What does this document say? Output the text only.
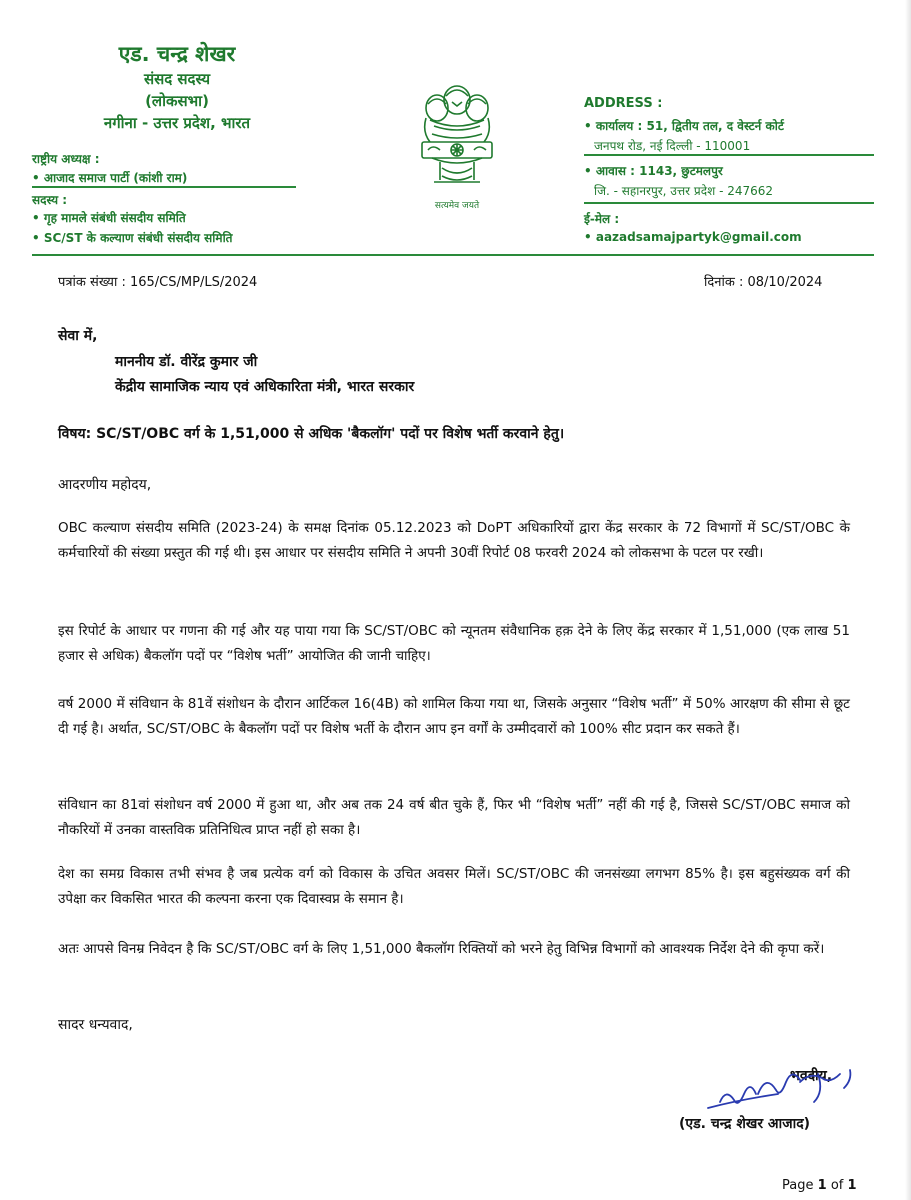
एड. चन्द्र शेखर
संसद सदस्य
(लोकसभा)
नगीना - उत्तर प्रदेश, भारत
राष्ट्रीय अध्यक्ष :
• आजाद समाज पार्टी (कांशी राम)
सदस्य :
• गृह मामले संबंधी संसदीय समिति
• SC/ST के कल्याण संबंधी संसदीय समिति
सत्यमेव जयते
ADDRESS :
• कार्यालय : 51, द्वितीय तल, द वेस्टर्न कोर्ट
जनपथ रोड, नई दिल्ली - 110001
• आवास : 1143, छुटमलपुर
जि. - सहानरपुर, उत्तर प्रदेश - 247662
ई-मेल :
• aazadsamajpartyk@gmail.com
पत्रांक संख्या : 165/CS/MP/LS/2024	दिनांक : 08/10/2024
सेवा में,
माननीय डॉ. वीरेंद्र कुमार जी
केंद्रीय सामाजिक न्याय एवं अधिकारिता मंत्री, भारत सरकार
विषय: SC/ST/OBC वर्ग के 1,51,000 से अधिक 'बैकलॉग' पदों पर विशेष भर्ती करवाने हेतु।
आदरणीय महोदय,
OBC कल्याण संसदीय समिति (2023-24) के समक्ष दिनांक 05.12.2023 को DoPT अधिकारियों द्वारा केंद्र सरकार के 72 विभागों में SC/ST/OBC के कर्मचारियों की संख्या प्रस्तुत की गई थी। इस आधार पर संसदीय समिति ने अपनी 30वीं रिपोर्ट 08 फरवरी 2024 को लोकसभा के पटल पर रखी।
इस रिपोर्ट के आधार पर गणना की गई और यह पाया गया कि SC/ST/OBC को न्यूनतम संवैधानिक हक़ देने के लिए केंद्र सरकार में 1,51,000 (एक लाख 51 हजार से अधिक) बैकलॉग पदों पर “विशेष भर्ती” आयोजित की जानी चाहिए।
वर्ष 2000 में संविधान के 81वें संशोधन के दौरान आर्टिकल 16(4B) को शामिल किया गया था, जिसके अनुसार “विशेष भर्ती” में 50% आरक्षण की सीमा से छूट दी गई है। अर्थात, SC/ST/OBC के बैकलॉग पदों पर विशेष भर्ती के दौरान आप इन वर्गों के उम्मीदवारों को 100% सीट प्रदान कर सकते हैं।
संविधान का 81वां संशोधन वर्ष 2000 में हुआ था, और अब तक 24 वर्ष बीत चुके हैं, फिर भी “विशेष भर्ती” नहीं की गई है, जिससे SC/ST/OBC समाज को नौकरियों में उनका वास्तविक प्रतिनिधित्व प्राप्त नहीं हो सका है।
देश का समग्र विकास तभी संभव है जब प्रत्येक वर्ग को विकास के उचित अवसर मिलें। SC/ST/OBC की जनसंख्या लगभग 85% है। इस बहुसंख्यक वर्ग की उपेक्षा कर विकसित भारत की कल्पना करना एक दिवास्वप्न के समान है।
अतः आपसे विनम्र निवेदन है कि SC/ST/OBC वर्ग के लिए 1,51,000 बैकलॉग रिक्तियों को भरने हेतु विभिन्न विभागों को आवश्यक निर्देश देने की कृपा करें।
सादर धन्यवाद,
भवदीय,
(एड. चन्द्र शेखर आजाद)
Page 1 of 1
